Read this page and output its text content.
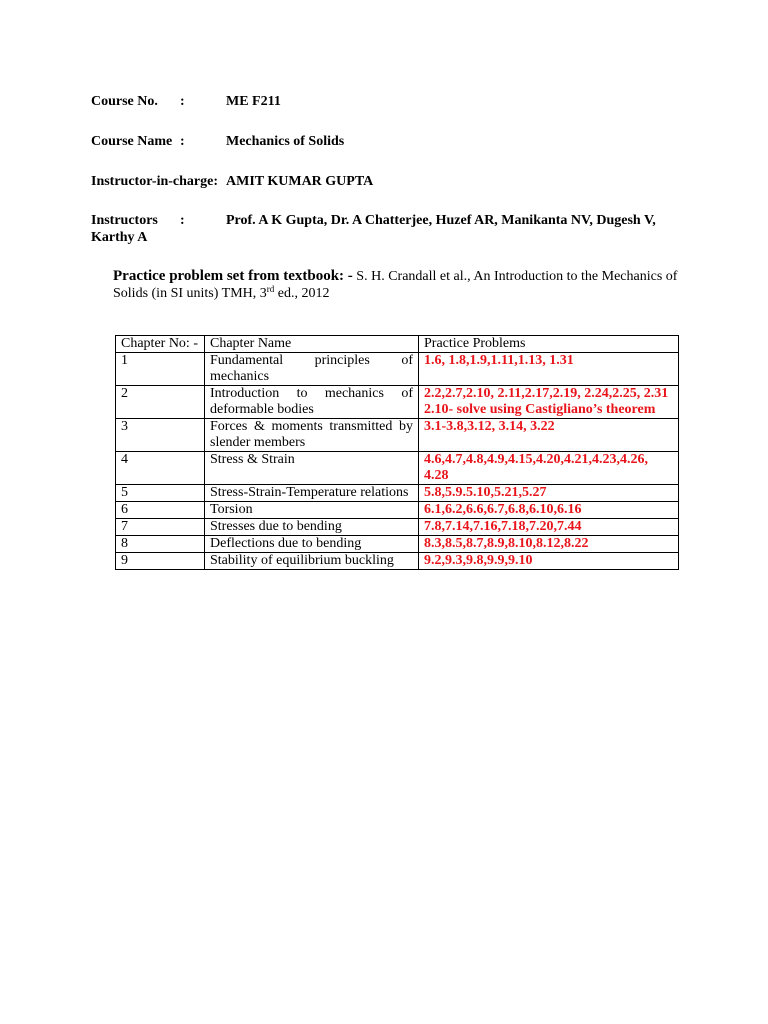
Course No. :	ME F211
Course Name :	Mechanics of Solids
Instructor-in-charge: AMIT KUMAR GUPTA
Instructors :	Prof. A K Gupta, Dr. A Chatterjee, Huzef AR, Manikanta NV, Dugesh V,
Karthy A
Practice problem set from textbook: - S. H. Crandall et al., An Introduction to the Mechanics of Solids (in SI units) TMH, 3rd ed., 2012
Chapter No: -	Chapter Name	Practice Problems
1	Fundamental principles of mechanics	1.6, 1.8,1.9,1.11,1.13, 1.31

2	Introduction to mechanics of deformable bodies	2.2,2.7,2.10, 2.11,2.17,2.19, 2.24,2.25, 2.31
2.10- solve using Castigliano’s theorem

3	Forces & moments transmitted by slender members	3.1-3.8,3.12, 3.14, 3.22

4	Stress & Strain	4.6,4.7,4.8,4.9,4.15,4.20,4.21,4.23,4.26,
4.28

5	Stress-Strain-Temperature relations	5.8,5.9.5.10,5.21,5.27

6	Torsion	6.1,6.2,6.6,6.7,6.8,6.10,6.16

7	Stresses due to bending	7.8,7.14,7.16,7.18,7.20,7.44

8	Deflections due to bending	8.3,8.5,8.7,8.9,8.10,8.12,8.22

9	Stability of equilibrium buckling	9.2,9.3,9.8,9.9,9.10
